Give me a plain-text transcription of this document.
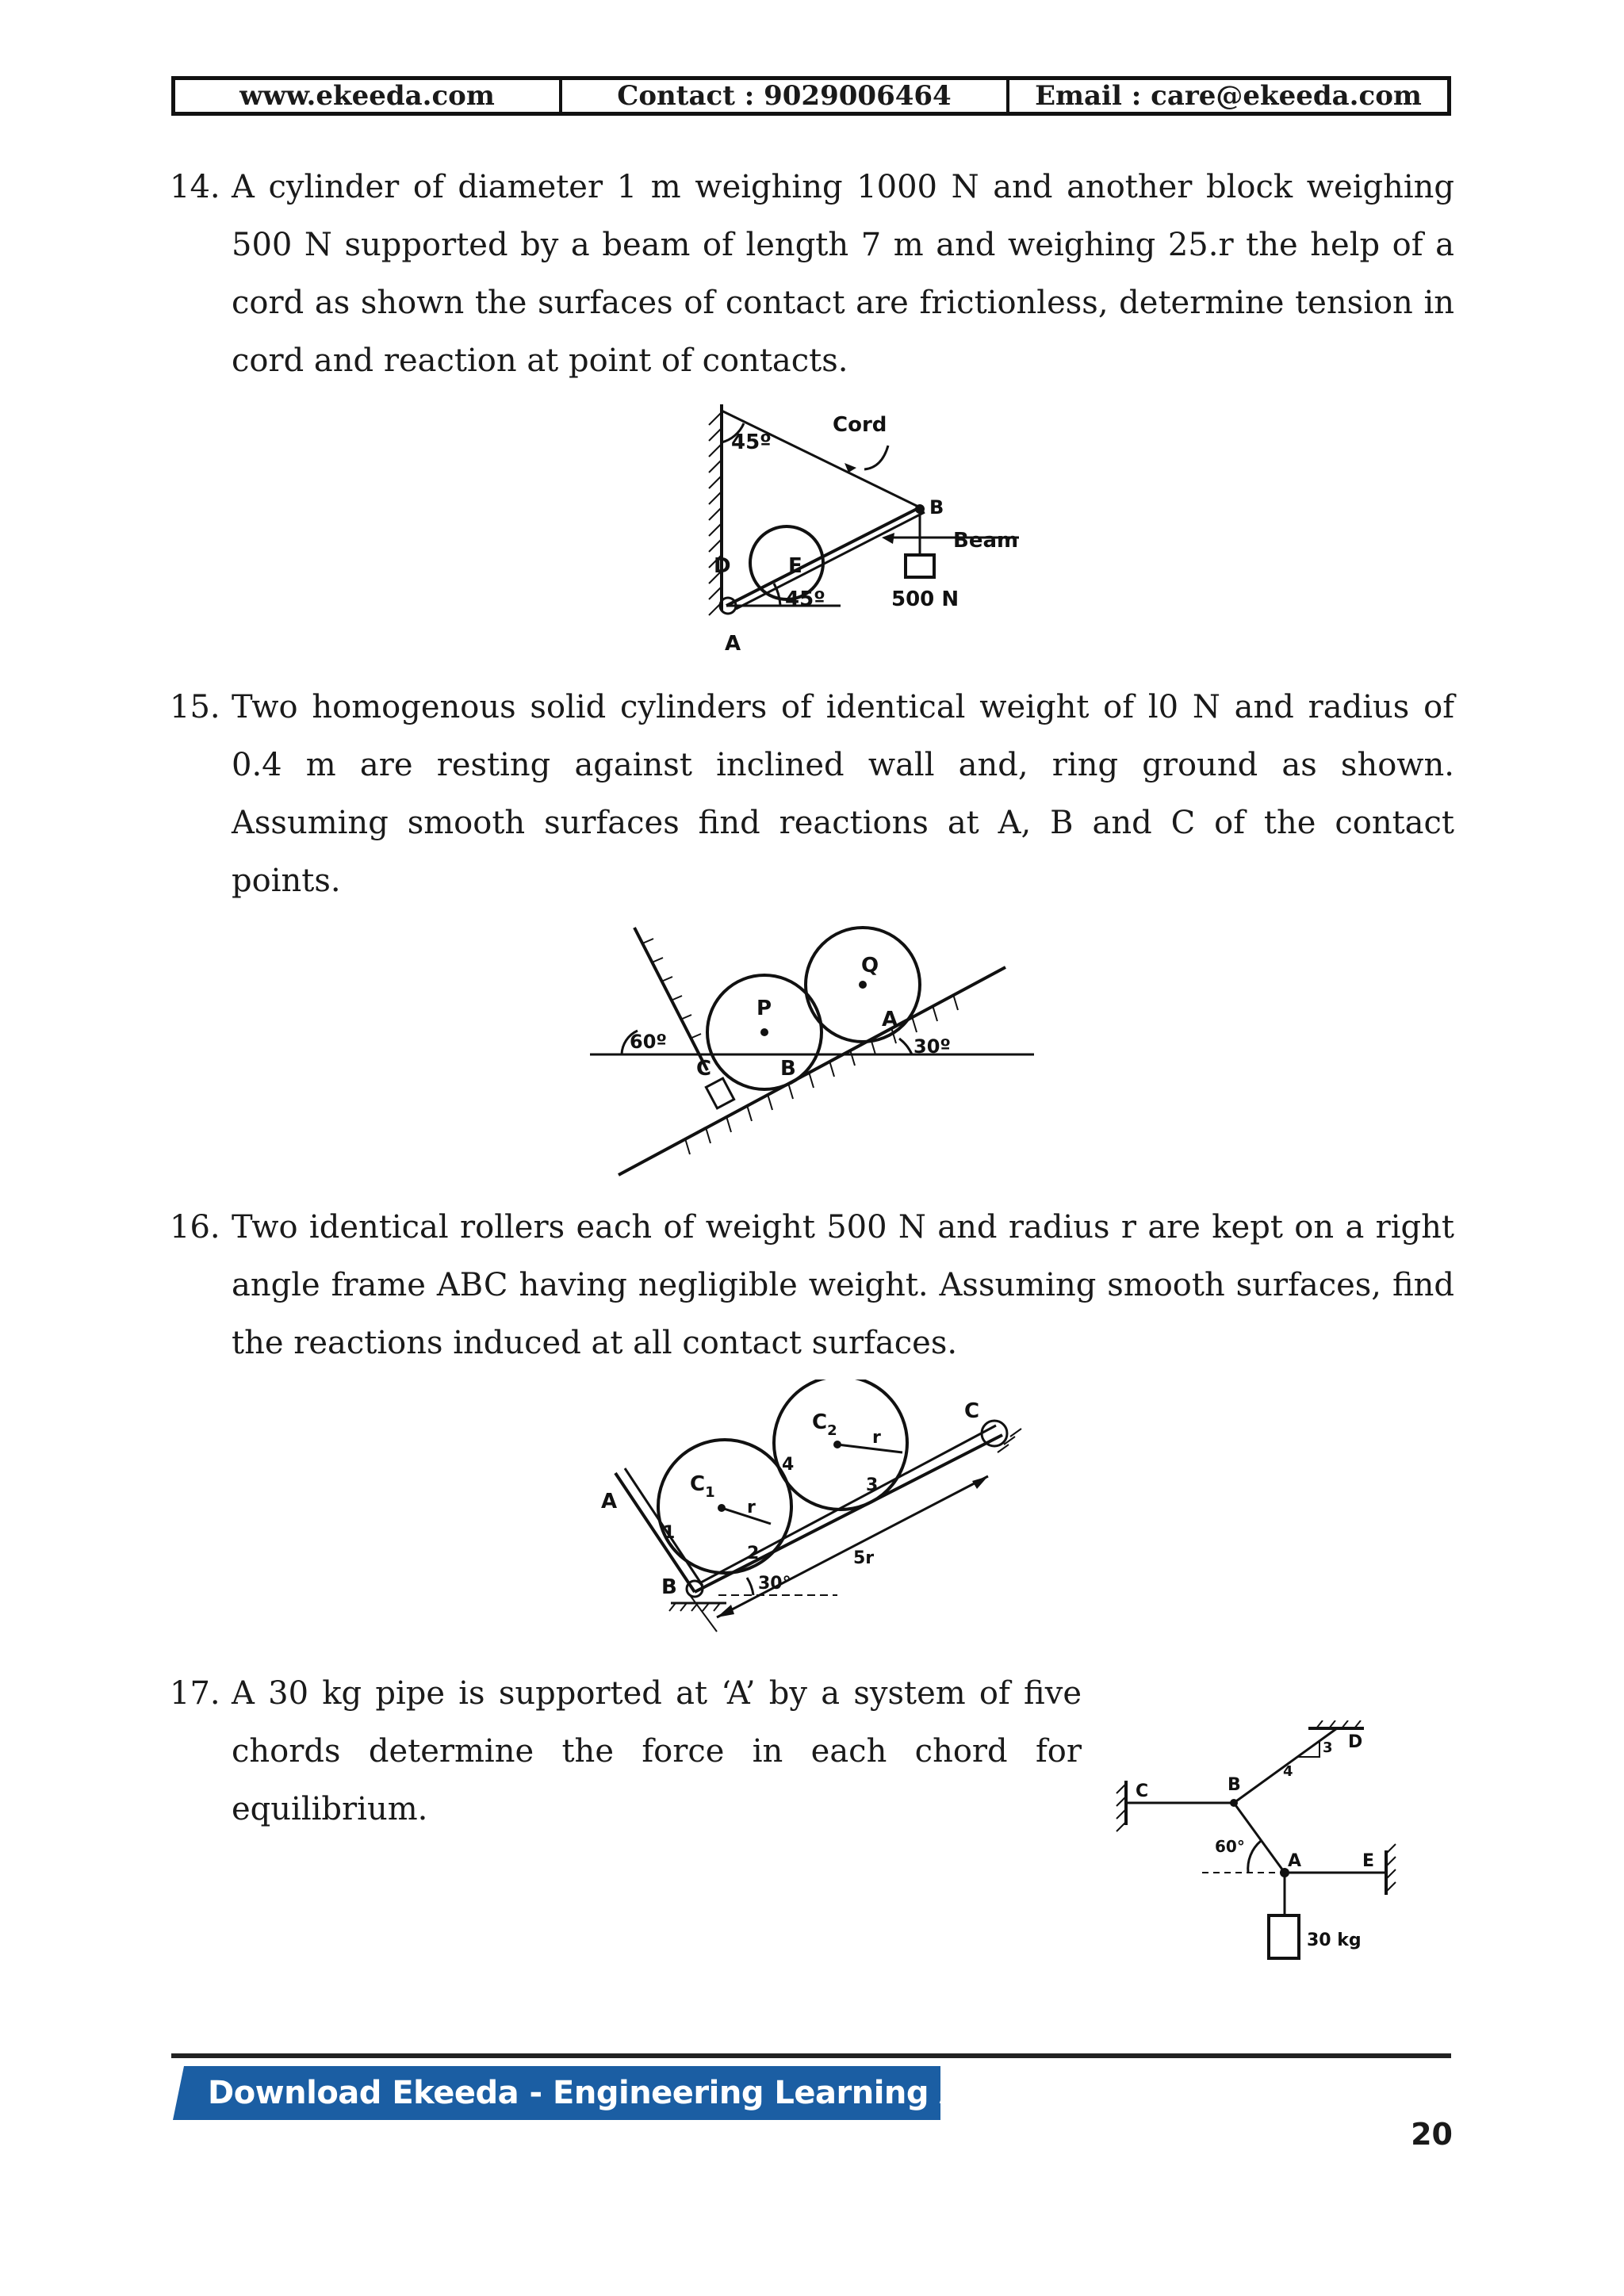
www.ekeeda.com	Contact : 9029006464	Email : care@ekeeda.com
14. A cylinder of diameter 1 m weighing 1000 N and another block weighing 500 N supported by a beam of length 7 m and weighing 25.r the help of a cord as shown the surfaces of contact are frictionless, determine tension in cord and reaction at point of contacts.
45º
Cord
B
Beam
D	E
45º	500 N
A
15. Two homogenous solid cylinders of identical weight of l0 N and radius of 0.4 m are resting against inclined wall and, ring ground as shown. Assuming smooth surfaces find reactions at A, B and C of the contact points.
P
Q
A
B
C
60º	30º
16. Two identical rollers each of weight 500 N and radius r are kept on a right angle frame ABC having negligible weight. Assuming smooth surfaces, find the reactions induced at all contact surfaces.
A
B
C
$C_1$
$C_2$
r
r
1
2
3
4
30°
5r
17. A 30 kg pipe is supported at ‘A’ by a system of five chords determine the force in each chord for equilibrium.	C	B
D
E
A
60°
3
4
30 kg
Download Ekeeda - Engineering Learning App
20
